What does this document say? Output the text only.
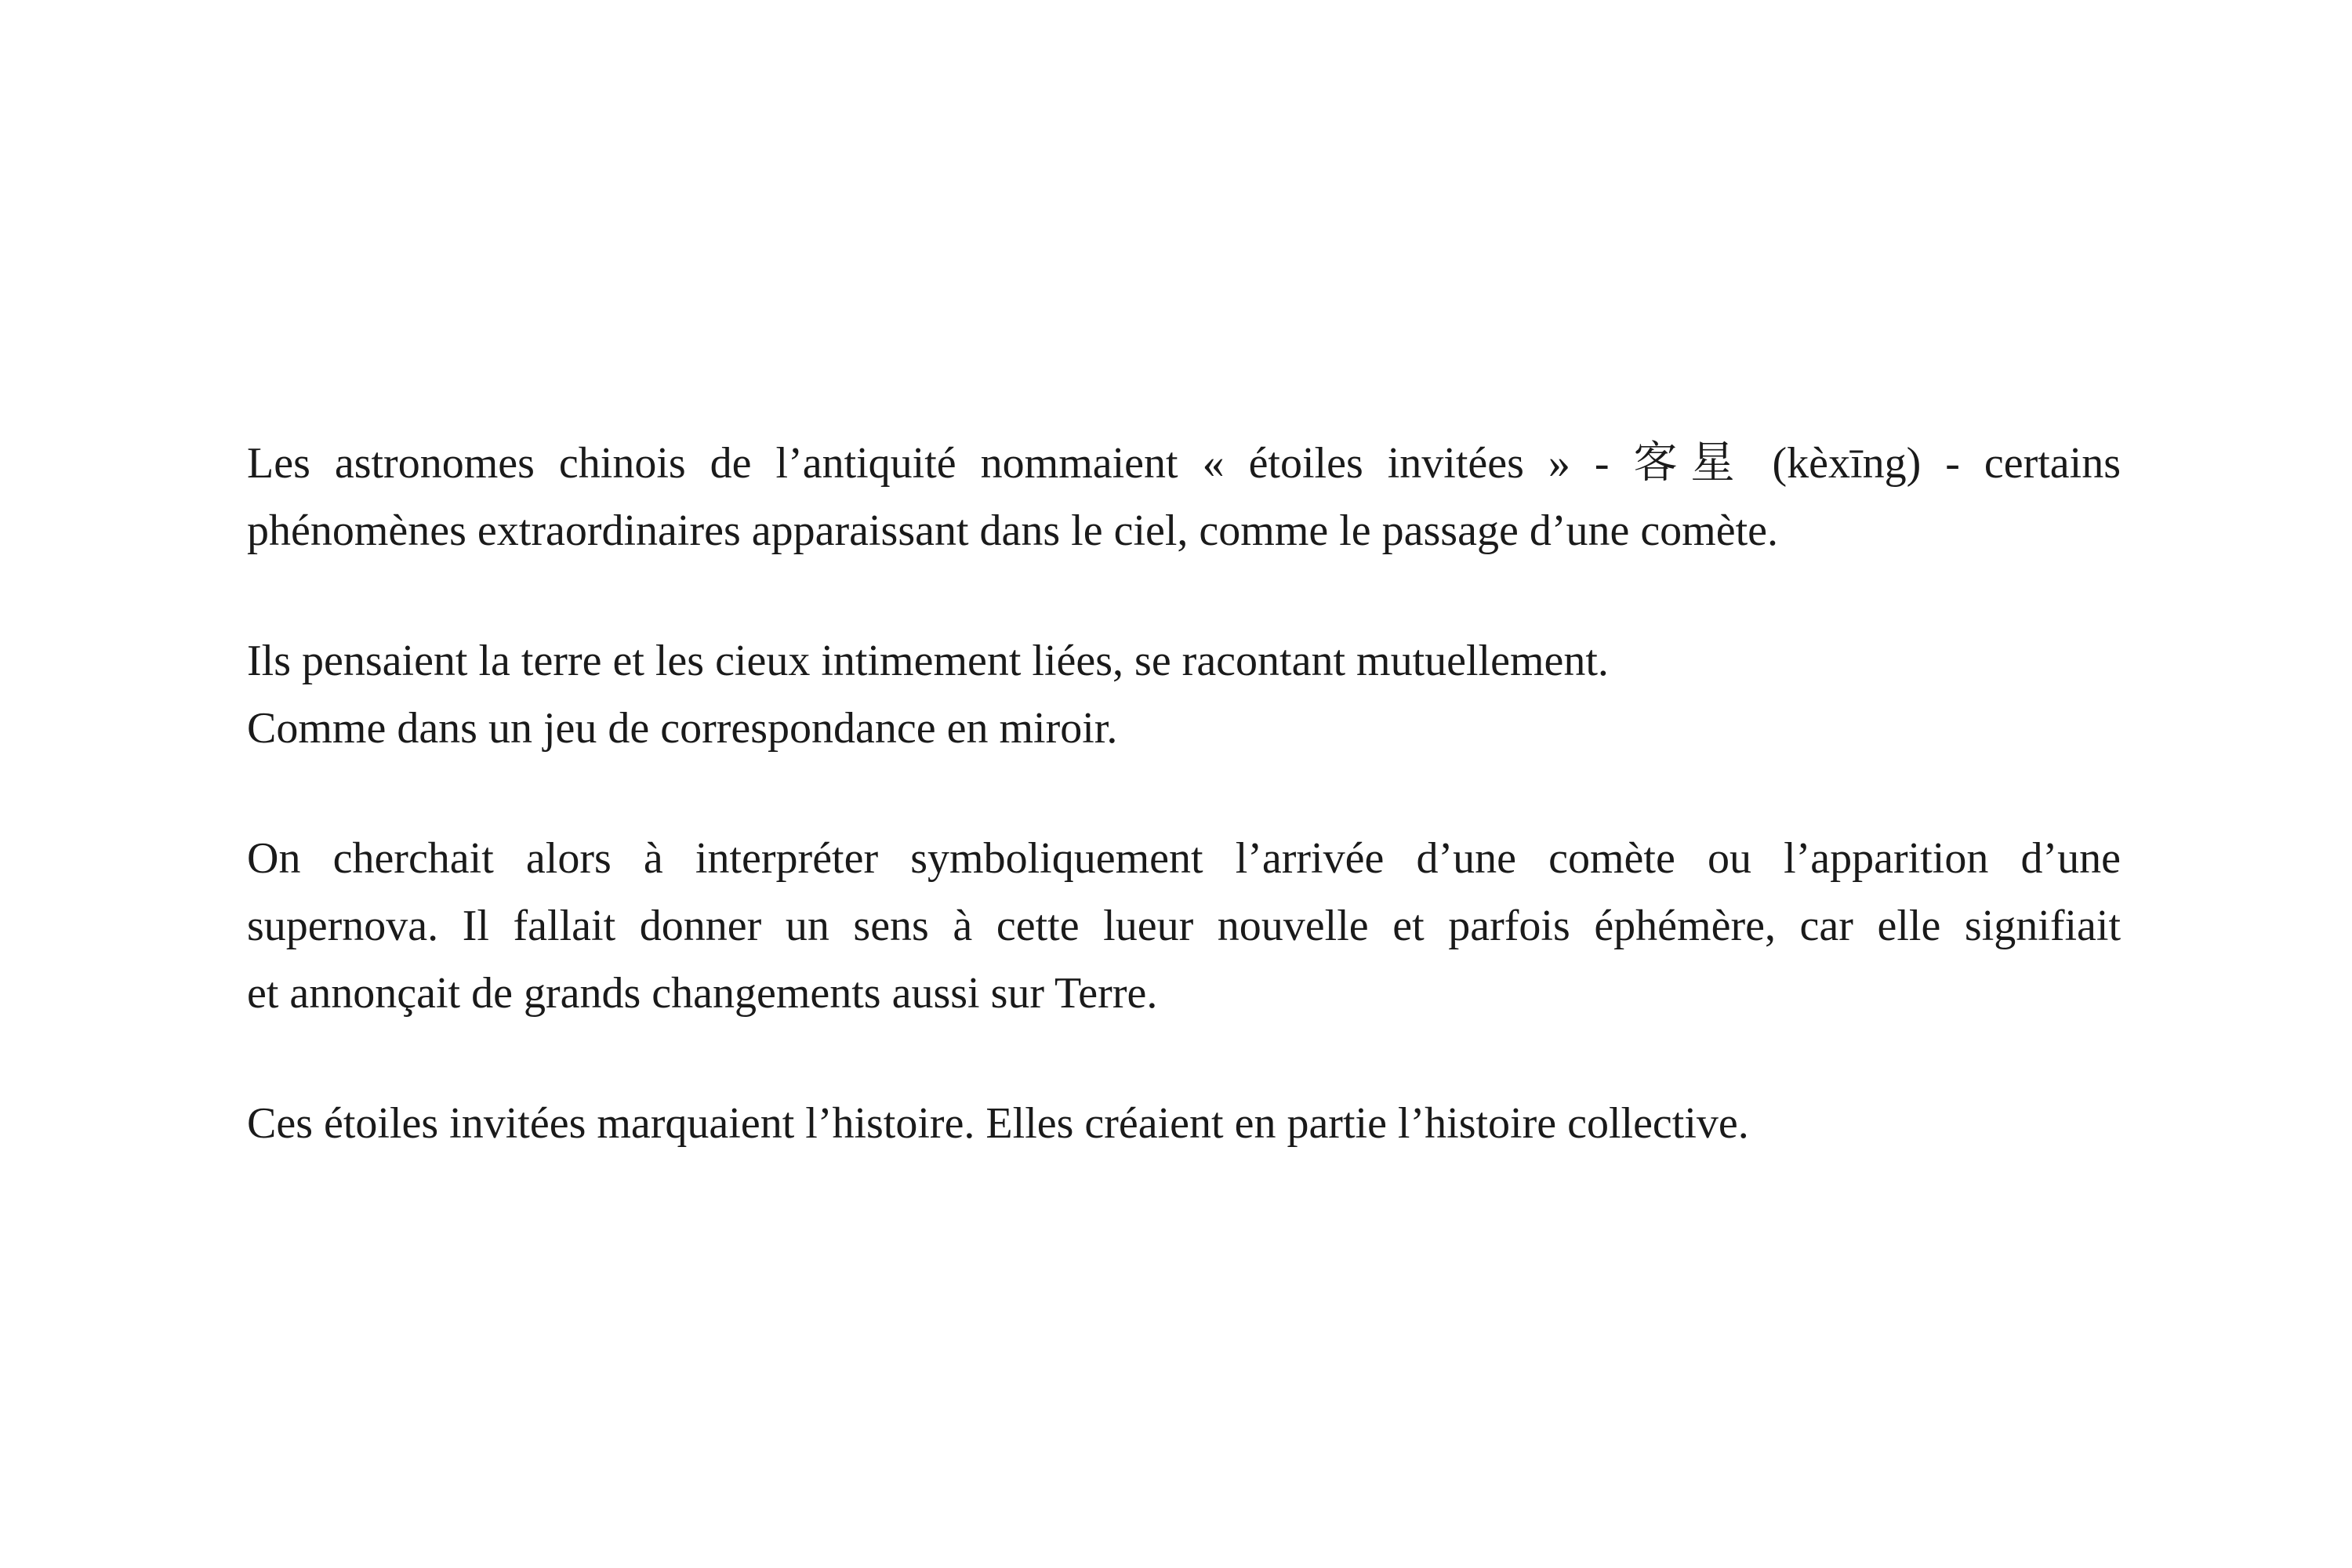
Les astronomes chinois de l’antiquité nommaient « étoiles invitées » - 客星 (kèxīng) - certains
phénomènes extraordinaires apparaissant dans le ciel, comme le passage d’une comète.

Ils pensaient la terre et les cieux intimement liées, se racontant mutuellement.
Comme dans un jeu de correspondance en miroir.

On cherchait alors à interpréter symboliquement l’arrivée d’une comète ou l’apparition d’une
supernova. Il fallait donner un sens à cette lueur nouvelle et parfois éphémère, car elle signifiait
et annonçait de grands changements aussi sur Terre.

Ces étoiles invitées marquaient l’histoire. Elles créaient en partie l’histoire collective.
